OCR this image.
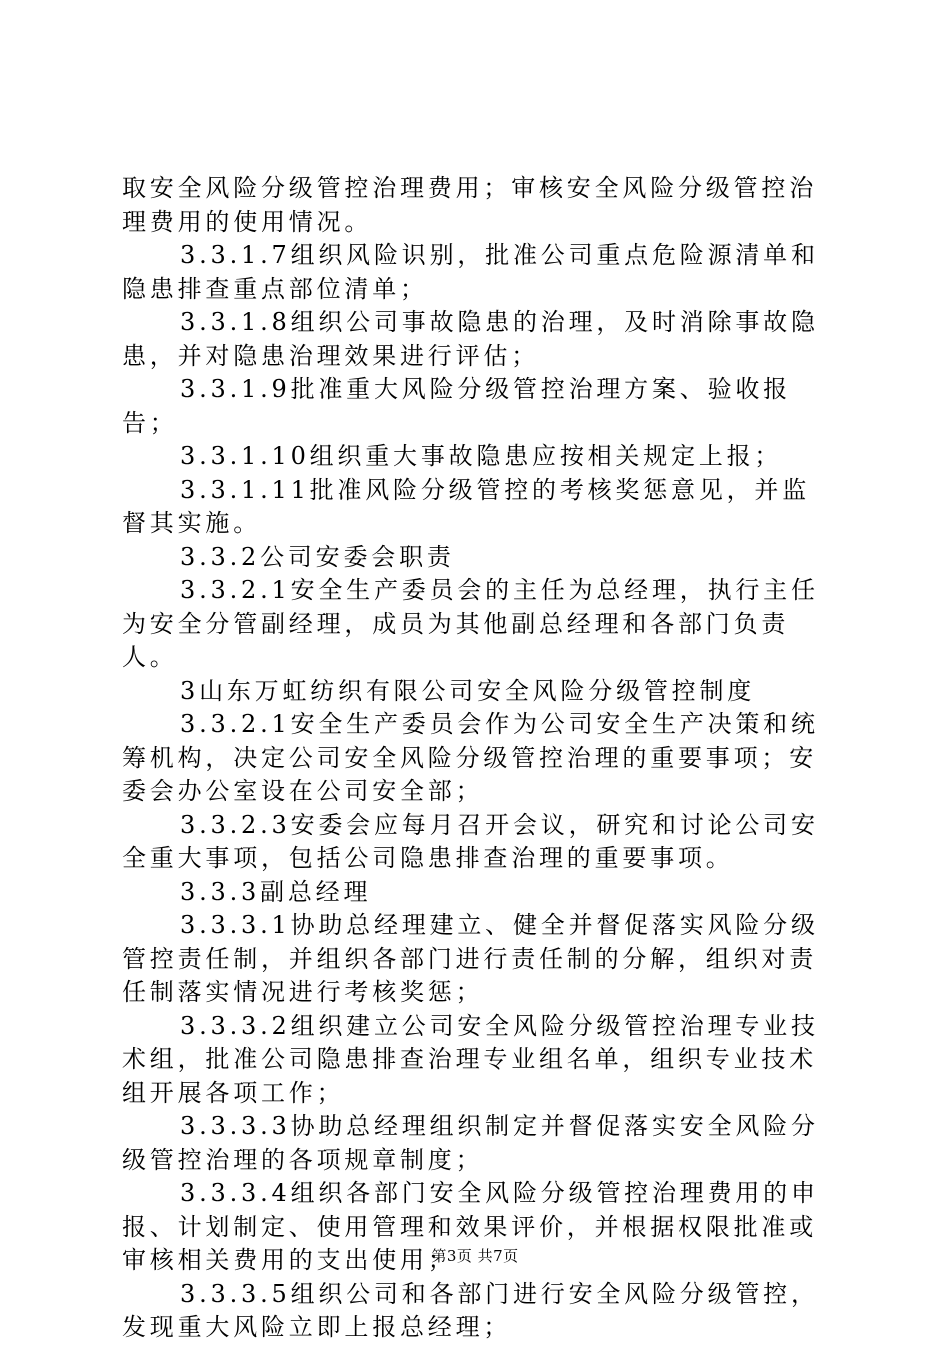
取安全风险分级管控治理费用；审核安全风险分级管控治理费用的使用情况。

3.3.1.7组织风险识别，批准公司重点危险源清单和隐患排查重点部位清单；

3.3.1.8组织公司事故隐患的治理，及时消除事故隐患，并对隐患治理效果进行评估；

3.3.1.9批准重大风险分级管控治理方案、验收报告；

3.3.1.10组织重大事故隐患应按相关规定上报；

3.3.1.11批准风险分级管控的考核奖惩意见，并监督其实施。

3.3.2公司安委会职责

3.3.2.1安全生产委员会的主任为总经理，执行主任为安全分管副经理，成员为其他副总经理和各部门负责人。

3山东万虹纺织有限公司安全风险分级管控制度

3.3.2.1安全生产委员会作为公司安全生产决策和统筹机构，决定公司安全风险分级管控治理的重要事项；安委会办公室设在公司安全部；

3.3.2.3安委会应每月召开会议，研究和讨论公司安全重大事项，包括公司隐患排查治理的重要事项。

3.3.3副总经理

3.3.3.1协助总经理建立、健全并督促落实风险分级管控责任制，并组织各部门进行责任制的分解，组织对责任制落实情况进行考核奖惩；

3.3.3.2组织建立公司安全风险分级管控治理专业技术组，批准公司隐患排查治理专业组名单，组织专业技术组开展各项工作；

3.3.3.3协助总经理组织制定并督促落实安全风险分级管控治理的各项规章制度；

3.3.3.4组织各部门安全风险分级管控治理费用的申报、计划制定、使用管理和效果评价，并根据权限批准或审核相关费用的支出使用；

3.3.3.5组织公司和各部门进行安全风险分级管控，发现重大风险立即上报总经理；

第3页 共7页
